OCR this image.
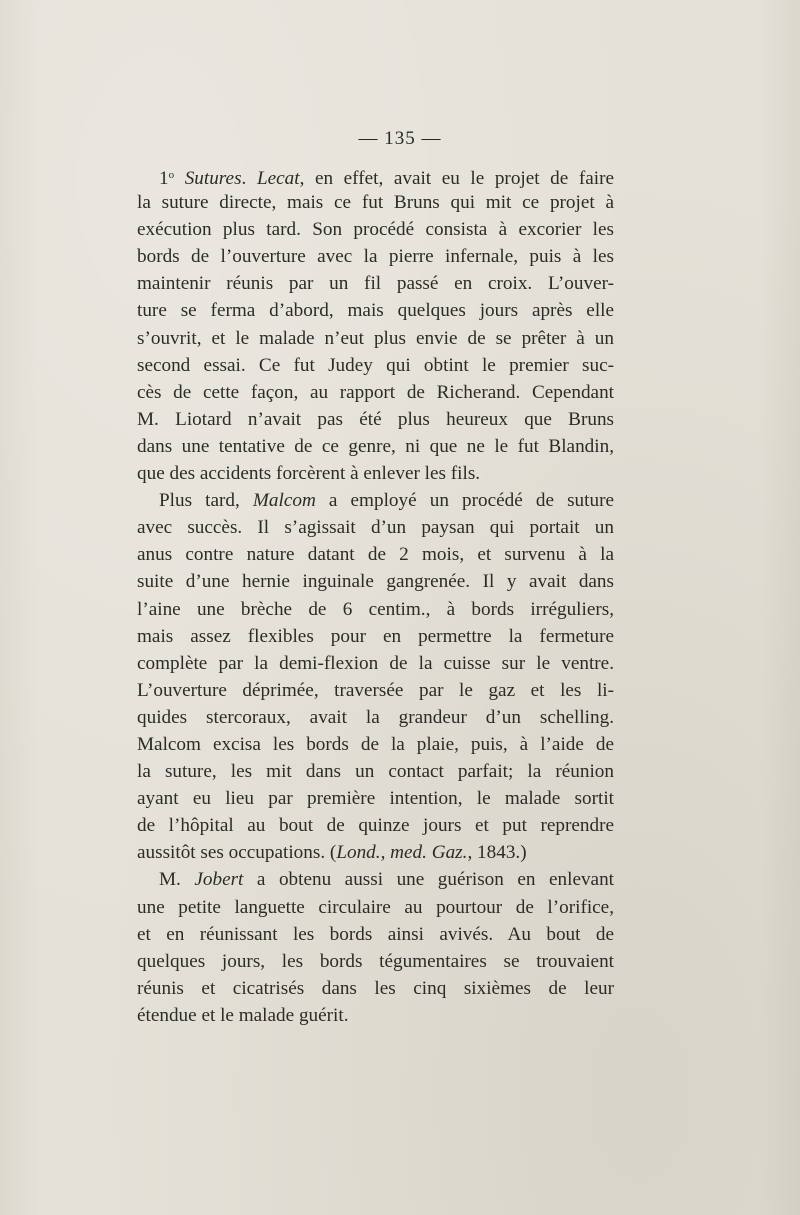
— 135 —
1$^o$ Sutures. Lecat, en effet, avait eu le projet de faire
la suture directe, mais ce fut Bruns qui mit ce projet à
exécution plus tard. Son procédé consista à excorier les
bords de l’ouverture avec la pierre infernale, puis à les
maintenir réunis par un fil passé en croix. L’ouver-
ture se ferma d’abord, mais quelques jours après elle
s’ouvrit, et le malade n’eut plus envie de se prêter à un
second essai. Ce fut Judey qui obtint le premier suc-
cès de cette façon, au rapport de Richerand. Cependant
M. Liotard n’avait pas été plus heureux que Bruns
dans une tentative de ce genre, ni que ne le fut Blandin,
que des accidents forcèrent à enlever les fils.
Plus tard, Malcom a employé un procédé de suture
avec succès. Il s’agissait d’un paysan qui portait un
anus contre nature datant de 2 mois, et survenu à la
suite d’une hernie inguinale gangrenée. Il y avait dans
l’aine une brèche de 6 centim., à bords irréguliers,
mais assez flexibles pour en permettre la fermeture
complète par la demi-flexion de la cuisse sur le ventre.
L’ouverture déprimée, traversée par le gaz et les li-
quides stercoraux, avait la grandeur d’un schelling.
Malcom excisa les bords de la plaie, puis, à l’aide de
la suture, les mit dans un contact parfait; la réunion
ayant eu lieu par première intention, le malade sortit
de l’hôpital au bout de quinze jours et put reprendre
aussitôt ses occupations. (Lond., med. Gaz., 1843.)
M. Jobert a obtenu aussi une guérison en enlevant
une petite languette circulaire au pourtour de l’orifice,
et en réunissant les bords ainsi avivés. Au bout de
quelques jours, les bords tégumentaires se trouvaient
réunis et cicatrisés dans les cinq sixièmes de leur
étendue et le malade guérit.
